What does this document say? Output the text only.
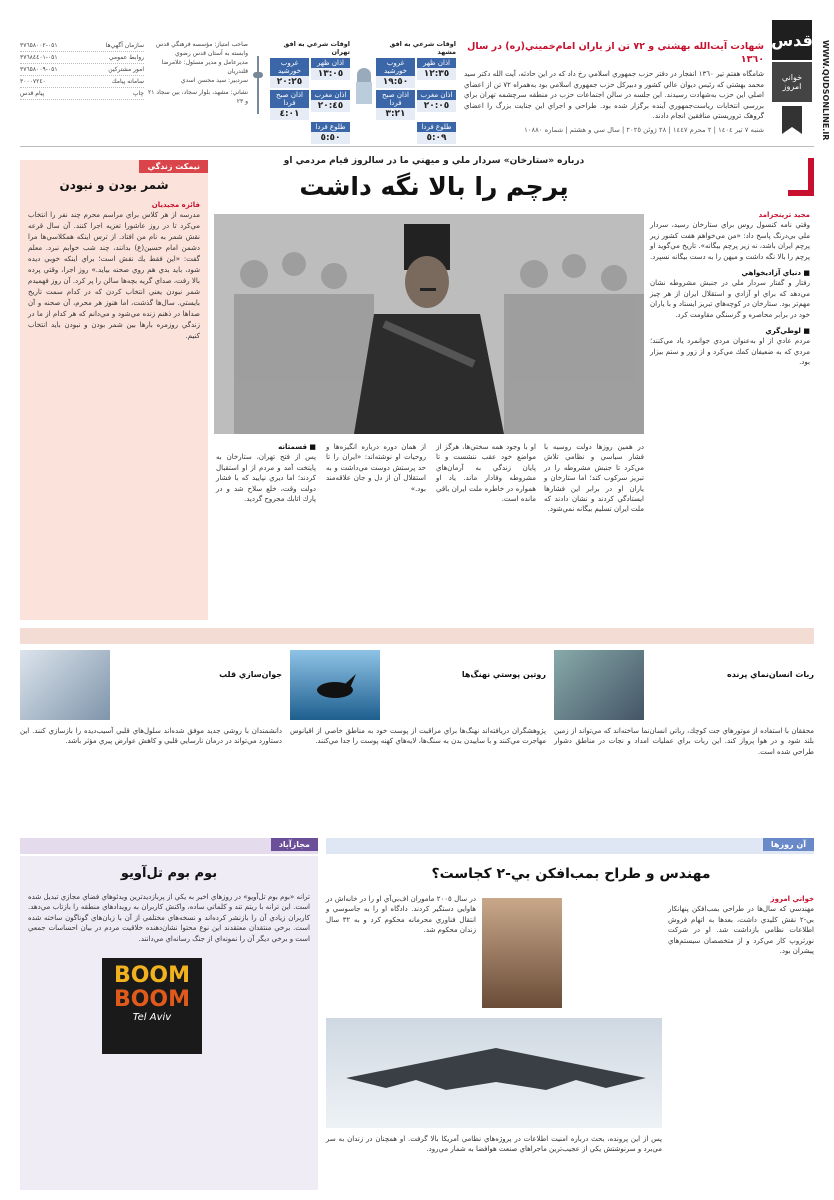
قدس
خواني امروز	WWW.QUDSONLINE.IR
شهادت آيت‌الله بهشتي و ٧٢ تن از ياران امام‌خميني(ره) در سال ١٣٦٠
شامگاه هفتم تير ١٣٦٠ انفجار در دفتر حزب جمهوري اسلامي رخ داد که در اين حادثه، آيت الله دکتر سيد محمد بهشتي که رئيس ديوان عالي کشور و دبيرکل حزب جمهوري اسلامي بود به‌همراه ٧٢ تن از اعضاي اصلي اين حزب به‌شهادت رسيدند. اين جلسه در سالن اجتماعات حزب در منطقه سرچشمه تهران براي بررسي انتخابات رياست‌جمهوري آينده برگزار شده بود. طراحي و اجراي اين جنايت بزرگ را اعضاي گروهک تروريستي منافقين انجام دادند.
شنبه ٧ تير ١٤٠٤ | ٢ محرم ١٤٤٧ | ٢٨ ژوئن ٢٠٢٥ | سال سي و هشتم | شماره ١٠٨٨٠
اوقات شرعي به افق مشهد
اذان ظهر
١٢:٣٥
غروب خورشيد
١٩:٥٠
اذان مغرب
٢٠:٠٥
اذان صبح فردا
٣:٢١
طلوع فردا
٥:٠٩
اوقات شرعي به افق تهران
اذان ظهر
١٣:٠٥
غروب خورشيد
٢٠:٢٥
اذان مغرب
٢٠:٤٥
اذان صبح فردا
٤:٠١
طلوع فردا
٥:٥٠
صاحب امتياز: مؤسسه فرهنگي قدس
وابسته به آستان قدس رضوي
مديرعامل و مدير مسئول: غلامرضا قلندريان
سردبير: سيد محسن اسدي
نشاني: مشهد، بلوار سجاد، بين سجاد ٢١ و ٢٣
سازمان آگهي‌ها
٠٥١-٣٧٦٥٨٠٠٢
روابط عمومي
٠٥١-٣٧٦٨٤٤٠١
امور مشتركين
٠٥١-٣٧٦٥٨٠٠٩
سامانه پيامك
٣٠٠٠٧٢٤٠
چاپ
پيام قدس
درباره «ستارخان» سردار ملي و ميهني ما در سالروز قيام مردمي او
پرچم را بالا نگه داشت
مجيد ترينجزامد
وقتي نامه كنسول روس براي ستارخان رسيد، سردار ملي بي‌درنگ پاسخ داد: «من مي‌خواهم هفت كشور زير پرچم ايران باشد، نه زير پرچم بيگانه». تاريخ مي‌گويد او پرچم را بالا نگه داشت و ميهن را به دست بيگانه نسپرد.
■ دنياي آزاديخواهي
رفتار و گفتار سردار ملي در جنبش مشروطه نشان مي‌دهد كه براي او آزادي و استقلال ايران از هر چيز مهم‌تر بود. ستارخان در كوچه‌هاي تبريز ايستاد و با ياران خود در برابر محاصره و گرسنگي مقاومت كرد.
■ لوطي‌گري
مردم عادي از او به‌عنوان مردي جوانمرد ياد مي‌كنند؛ مردي كه به ضعيفان كمك مي‌كرد و از زور و ستم بيزار بود.
در همين روزها دولت روسيه با فشار سياسي و نظامي تلاش مي‌كرد تا جنبش مشروطه را در تبريز سركوب كند؛ اما ستارخان و ياران او در برابر اين فشارها ايستادگي كردند و نشان دادند كه ملت ايران تسليم بيگانه نمي‌شود.
او با وجود همه سختي‌ها، هرگز از مواضع خود عقب ننشست و تا پايان زندگي به آرمان‌هاي مشروطه وفادار ماند. ياد او همواره در خاطره ملت ايران باقي مانده است.
از همان دوره درباره انگيزه‌ها و روحيات او نوشته‌اند: «ايران را تا حد پرستش دوست مي‌داشت و به استقلال آن از دل و جان علاقه‌مند بود.»
■ قسمتانه
پس از فتح تهران، ستارخان به پايتخت آمد و مردم از او استقبال كردند؛ اما ديري نپاييد كه با فشار دولت وقت، خلع سلاح شد و در پارك اتابك مجروح گرديد.
نيمكت زندگي
شمر بودن و نبودن
فائزه مجيديان
مدرسه از هر كلاس براي مراسم محرم چند نفر را انتخاب مي‌كرد تا در روز عاشورا تعزيه اجرا كنند. آن سال قرعه نقش شمر به نام من افتاد. از ترس اينكه همكلاسي‌ها مرا دشمن امام حسين(ع) بدانند، چند شب خوابم نبرد. معلم گفت: «اين فقط يك نقش است؛ براي اينكه خوبي ديده شود، بايد بدي هم روي صحنه بيايد.» روز اجرا، وقتي پرده بالا رفت، صداي گريه بچه‌ها سالن را پر كرد. آن روز فهميدم شمر نبودن يعني انتخاب كردن كه در كدام سمت تاريخ بايستي. سال‌ها گذشت، اما هنوز هر محرم، آن صحنه و آن صداها در ذهنم زنده مي‌شود و مي‌دانم كه هر كدام از ما در زندگي روزمره بارها بين شمر بودن و نبودن بايد انتخاب كنيم.
ربات انسان‌نماي پرنده
محققان با استفاده از موتورهاي جت كوچك، رباتي انسان‌نما ساخته‌اند كه مي‌تواند از زمين بلند شود و در هوا پرواز كند. اين ربات براي عمليات امداد و نجات در مناطق دشوار طراحي شده است.
روتين پوستي نهنگ‌ها
پژوهشگران دريافته‌اند نهنگ‌ها براي مراقبت از پوست خود به مناطق خاصي از اقيانوس مهاجرت مي‌كنند و با ساييدن بدن به سنگ‌ها، لايه‌هاي كهنه پوست را جدا مي‌كنند.
جوان‌سازي قلب
دانشمندان با روشي جديد موفق شده‌اند سلول‌هاي قلبي آسيب‌ديده را بازسازي كنند. اين دستاورد مي‌تواند در درمان نارسايي قلبي و كاهش عوارض پيري مؤثر باشد.
آن روزها
مهندس و طراح بمب‌افكن بي-٢ كجاست؟
خواني امروز
مهندسي كه سال‌ها در طراحي بمب‌افكن پنهانكار بي-٢ نقش كليدي داشت، بعدها به اتهام فروش اطلاعات نظامي بازداشت شد. او در شركت نورثروپ كار مي‌كرد و از متخصصان سيستم‌هاي پيشران بود.
در سال ٢٠٠٥ ماموران اف‌بي‌آي او را در خانه‌اش در هاوايي دستگير كردند. دادگاه او را به جاسوسي و انتقال فناوري محرمانه محكوم كرد و به ٣٢ سال زندان محكوم شد.
پس از اين پرونده، بحث درباره امنيت اطلاعات در پروژه‌هاي نظامي آمريكا بالا گرفت. او همچنان در زندان به سر مي‌برد و سرنوشتش يكي از عجيب‌ترين ماجراهاي صنعت هوافضا به شمار مي‌رود.
مجازآباد
بوم بوم تل‌آويو
BOOM
BOOM
Tel Aviv
ترانه «بوم بوم تل‌آويو» در روزهاي اخير به يكي از پربازديدترين ويدئوهاي فضاي مجازي تبديل شده است. اين ترانه با ريتم تند و كلماتي ساده، واكنش كاربران به رويدادهاي منطقه را بازتاب مي‌دهد. كاربران زيادي آن را بازنشر كرده‌اند و نسخه‌هاي مختلفي از آن با زبان‌هاي گوناگون ساخته شده است. برخي منتقدان معتقدند اين نوع محتوا نشان‌دهنده خلاقيت مردم در بيان احساسات جمعي است و برخي ديگر آن را نمونه‌اي از جنگ رسانه‌اي مي‌دانند.
